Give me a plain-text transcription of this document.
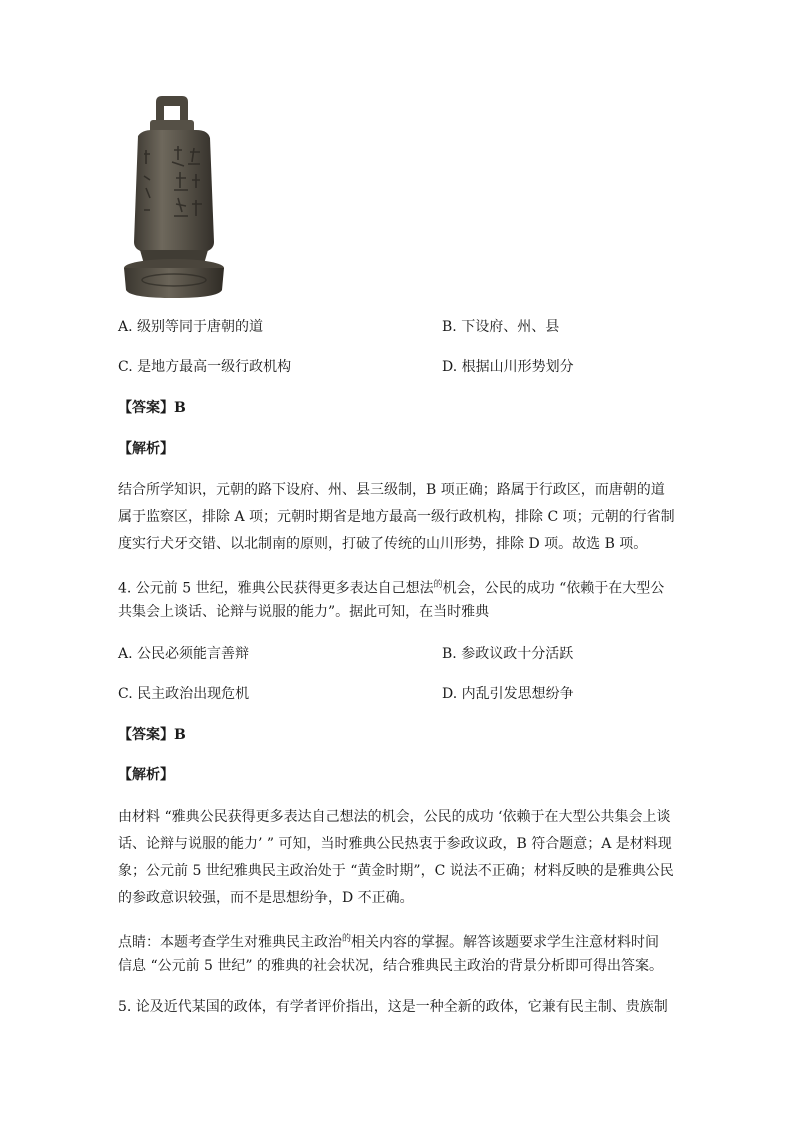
A. 级别等同于唐朝的道	B. 下设府、州、县
C. 是地方最高一级行政机构	D. 根据山川形势划分
【答案】B
【解析】
结合所学知识，元朝的路下设府、州、县三级制，B 项正确；路属于行政区，而唐朝的道
属于监察区，排除 A 项；元朝时期省是地方最高一级行政机构，排除 C 项；元朝的行省制
度实行犬牙交错、以北制南的原则，打破了传统的山川形势，排除 D 项。故选 B 项。
4. 公元前 5 世纪，雅典公民获得更多表达自己想法$^的$机会，公民的成功 “依赖于在大型公
共集会上谈话、论辩与说服的能力”。据此可知，在当时雅典
A. 公民必须能言善辩	B. 参政议政十分活跃
C. 民主政治出现危机	D. 内乱引发思想纷争
【答案】B
【解析】
由材料 “雅典公民获得更多表达自己想法的机会，公民的成功 ‘依赖于在大型公共集会上谈
话、论辩与说服的能力’ ” 可知，当时雅典公民热衷于参政议政，B 符合题意；A 是材料现
象；公元前 5 世纪雅典民主政治处于 “黄金时期”，C 说法不正确；材料反映的是雅典公民
的参政意识较强，而不是思想纷争，D 不正确。
点睛：本题考查学生对雅典民主政治$^的$相关内容的掌握。解答该题要求学生注意材料时间
信息 “公元前 5 世纪” 的雅典的社会状况，结合雅典民主政治的背景分析即可得出答案。
5. 论及近代某国的政体，有学者评价指出，这是一种全新的政体，它兼有民主制、贵族制
